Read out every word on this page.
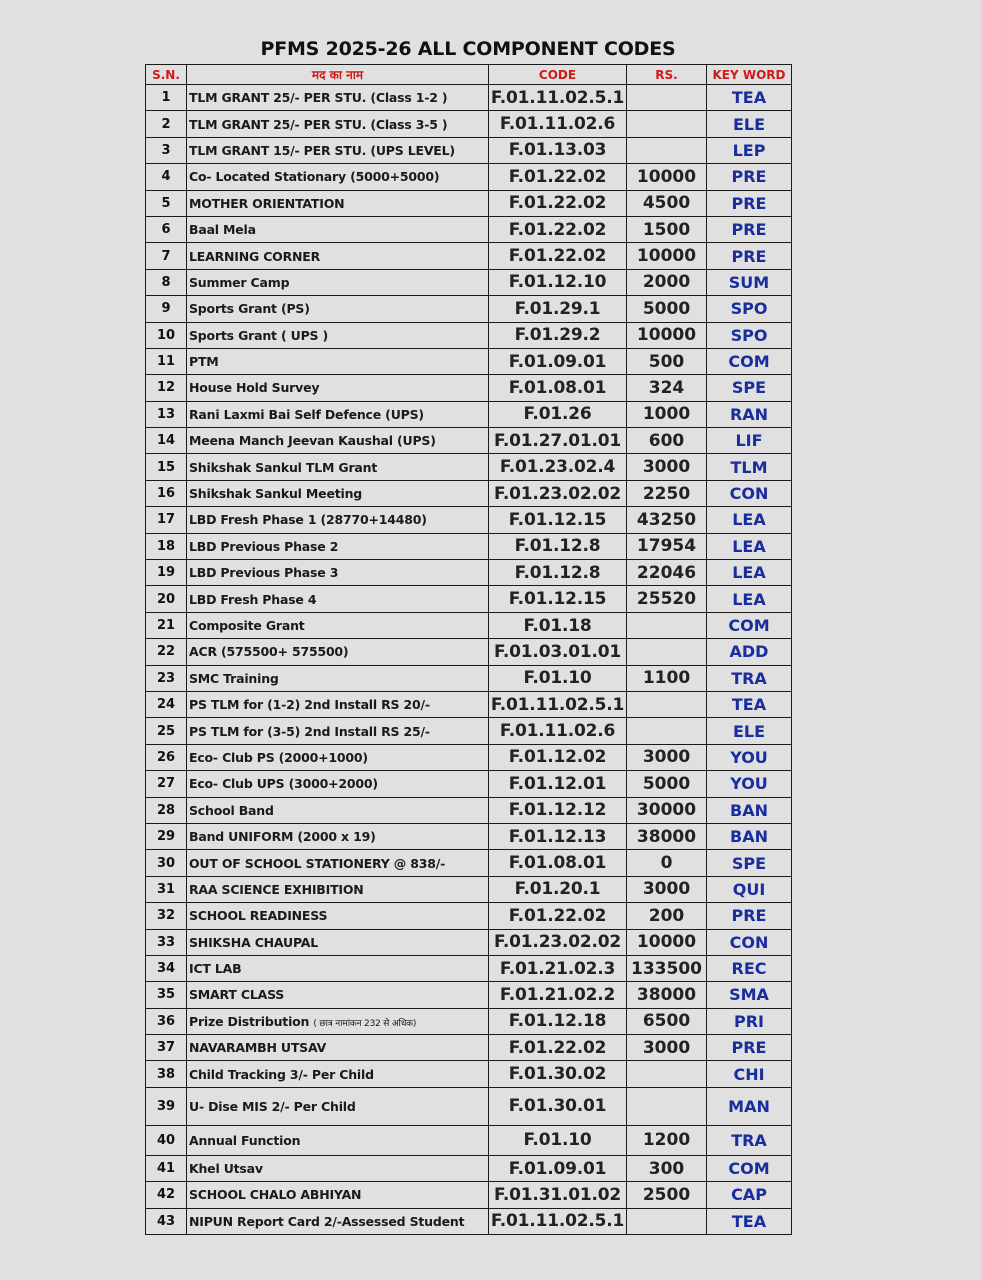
PFMS 2025-26 ALL COMPONENT CODES
S.N.	मद का नाम	CODE	RS.	KEY WORD
1	TLM GRANT 25/- PER STU. (Class 1-2 )	F.01.11.02.5.1		TEA
2	TLM GRANT 25/- PER STU. (Class 3-5 )	F.01.11.02.6		ELE
3	TLM GRANT 15/- PER STU. (UPS LEVEL)	F.01.13.03		LEP
4	Co- Located Stationary (5000+5000)	F.01.22.02	10000	PRE
5	MOTHER ORIENTATION	F.01.22.02	4500	PRE
6	Baal Mela	F.01.22.02	1500	PRE
7	LEARNING CORNER	F.01.22.02	10000	PRE
8	Summer Camp	F.01.12.10	2000	SUM
9	Sports Grant (PS)	F.01.29.1	5000	SPO
10	Sports Grant ( UPS )	F.01.29.2	10000	SPO
11	PTM	F.01.09.01	500	COM
12	House Hold Survey	F.01.08.01	324	SPE
13	Rani Laxmi Bai Self Defence (UPS)	F.01.26	1000	RAN
14	Meena Manch Jeevan Kaushal (UPS)	F.01.27.01.01	600	LIF
15	Shikshak Sankul TLM Grant	F.01.23.02.4	3000	TLM
16	Shikshak Sankul Meeting	F.01.23.02.02	2250	CON
17	LBD Fresh Phase 1 (28770+14480)	F.01.12.15	43250	LEA
18	LBD Previous Phase 2	F.01.12.8	17954	LEA
19	LBD Previous Phase 3	F.01.12.8	22046	LEA
20	LBD Fresh Phase 4	F.01.12.15	25520	LEA
21	Composite Grant	F.01.18		COM
22	ACR (575500+ 575500)	F.01.03.01.01		ADD
23	SMC Training	F.01.10	1100	TRA
24	PS TLM for (1-2) 2nd Install RS 20/-	F.01.11.02.5.1		TEA
25	PS TLM for (3-5) 2nd Install RS 25/-	F.01.11.02.6		ELE
26	Eco- Club PS (2000+1000)	F.01.12.02	3000	YOU
27	Eco- Club UPS (3000+2000)	F.01.12.01	5000	YOU
28	School Band	F.01.12.12	30000	BAN
29	Band UNIFORM (2000 x 19)	F.01.12.13	38000	BAN
30	OUT OF SCHOOL STATIONERY @ 838/-	F.01.08.01	0	SPE
31	RAA SCIENCE EXHIBITION	F.01.20.1	3000	QUI
32	SCHOOL READINESS	F.01.22.02	200	PRE
33	SHIKSHA CHAUPAL	F.01.23.02.02	10000	CON
34	ICT LAB	F.01.21.02.3	133500	REC
35	SMART CLASS	F.01.21.02.2	38000	SMA
36	Prize Distribution ( छात्र नामांकन 232 से अधिक)	F.01.12.18	6500	PRI
37	NAVARAMBH UTSAV	F.01.22.02	3000	PRE
38	Child Tracking 3/- Per Child	F.01.30.02		CHI
39	U- Dise MIS 2/- Per Child	F.01.30.01		MAN
40	Annual Function	F.01.10	1200	TRA
41	Khel Utsav	F.01.09.01	300	COM
42	SCHOOL CHALO ABHIYAN	F.01.31.01.02	2500	CAP
43	NIPUN Report Card 2/-Assessed Student	F.01.11.02.5.1		TEA
